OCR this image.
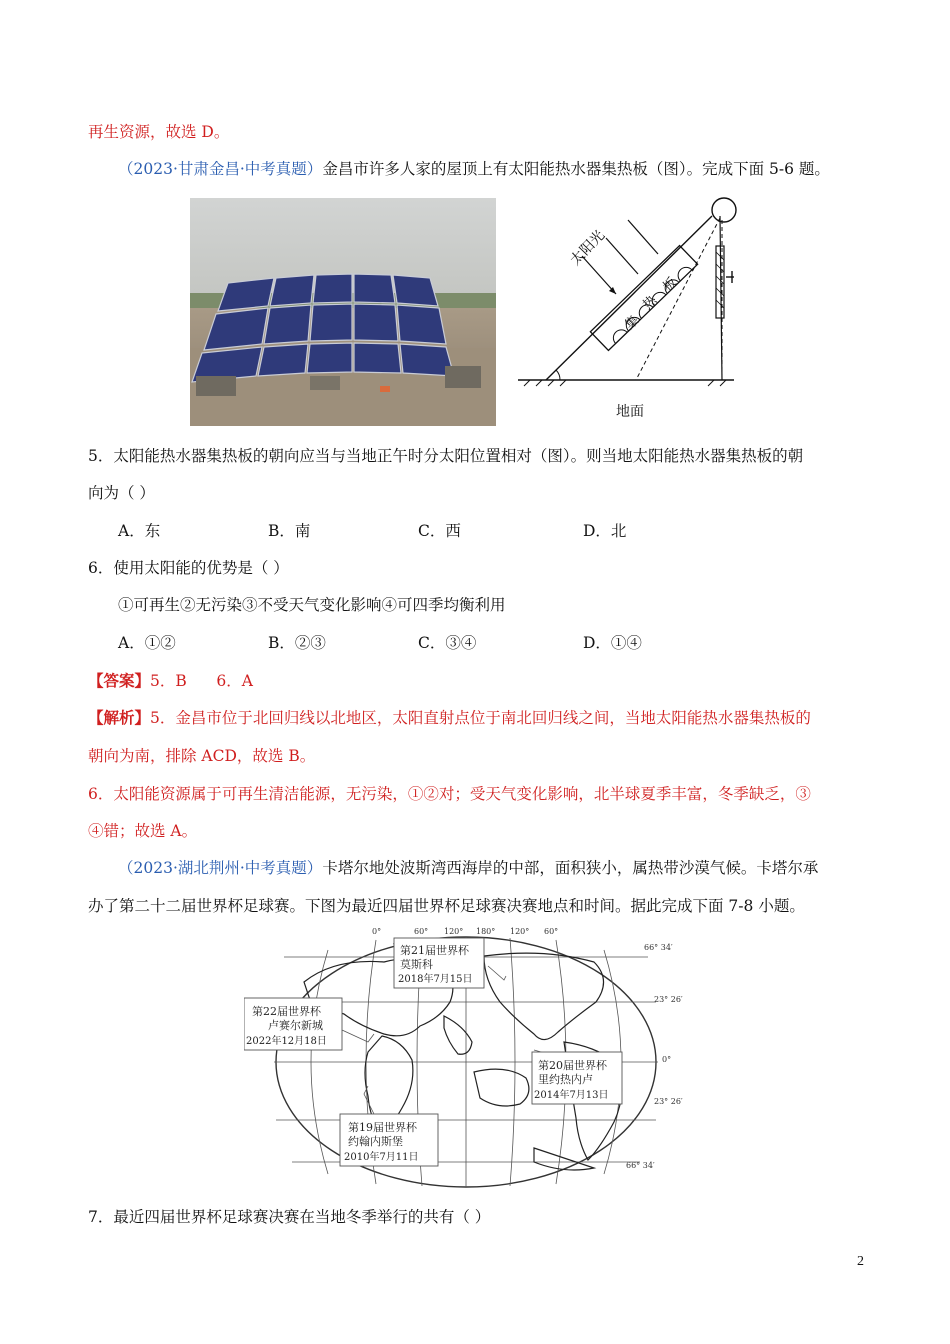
再生资源，故选 D。
（2023·甘肃金昌·中考真题）金昌市许多人家的屋顶上有太阳能热水器集热板（图）。完成下面 5-6 题。
太阳光
集
热
板
地面
5．太阳能热水器集热板的朝向应当与当地正午时分太阳位置相对（图）。则当地太阳能热水器集热板的朝
向为（ ）
A．东	B．南	C．西	D．北
6．使用太阳能的优势是（ ）
①可再生②无污染③不受天气变化影响④可四季均衡利用
A．①②	B．②③	C．③④	D．①④
【答案】5．B      6．A
【解析】5．金昌市位于北回归线以北地区，太阳直射点位于南北回归线之间，当地太阳能热水器集热板的
朝向为南，排除 ACD，故选 B。
6．太阳能资源属于可再生清洁能源，无污染，①②对；受天气变化影响，北半球夏季丰富，冬季缺乏，③
④错；故选 A。
（2023·湖北荆州·中考真题）卡塔尔地处波斯湾西海岸的中部，面积狭小，属热带沙漠气候。卡塔尔承
办了第二十二届世界杯足球赛。下图为最近四届世界杯足球赛决赛地点和时间。据此完成下面 7-8 小题。
0°	60° 120° 180° 120° 60°
66° 34′
23° 26′
0°
23° 26′
66° 34′
第21届世界杯
莫斯科
2018年7月15日
第22届世界杯
卢赛尔新城
2022年12月18日
第20届世界杯
里约热内卢
2014年7月13日
第19届世界杯
约翰内斯堡
2010年7月11日
7．最近四届世界杯足球赛决赛在当地冬季举行的共有（ ）
2
